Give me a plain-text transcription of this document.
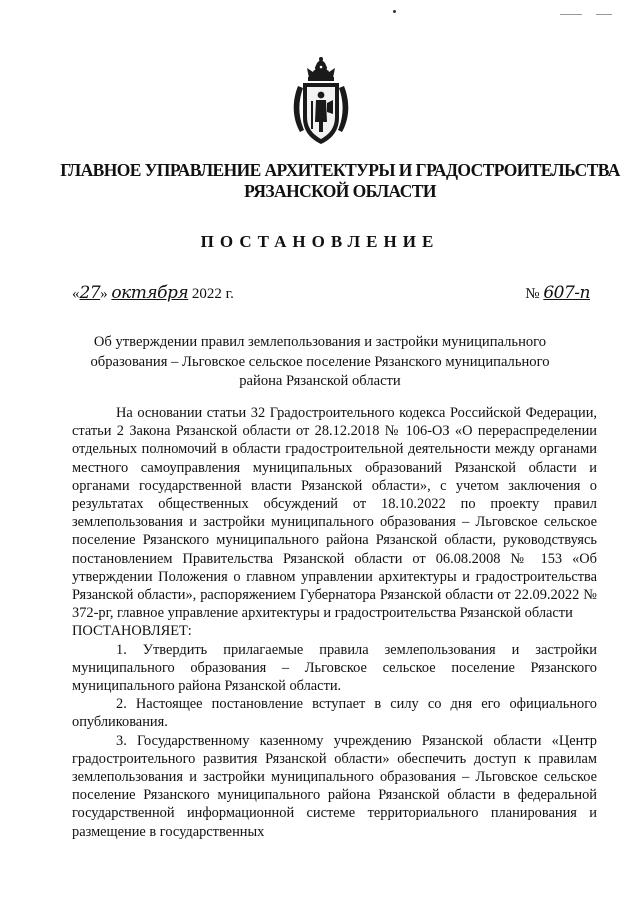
ГЛАВНОЕ УПРАВЛЕНИЕ АРХИТЕКТУРЫ И ГРАДОСТРОИТЕЛЬСТВА
РЯЗАНСКОЙ ОБЛАСТИ
ПОСТАНОВЛЕНИЕ
«27» октября 2022 г.	№ 607-п
Об утверждении правил землепользования и застройки муниципального образования – Льговское сельское поселение Рязанского муниципального района Рязанской области

На основании статьи 32 Градостроительного кодекса Российской Федерации, статьи 2 Закона Рязанской области от 28.12.2018 № 106-ОЗ «О перераспределении отдельных полномочий в области градостроительной деятельности между органами местного самоуправления муниципальных образований Рязанской области и органами государственной власти Рязанской области», с учетом заключения о результатах общественных обсуждений от 18.10.2022 по проекту правил землепользования и застройки муниципального образования – Льговское сельское поселение Рязанского муниципального района Рязанской области, руководствуясь постановлением Правительства Рязанской области от 06.08.2008 № 153 «Об утверждении Положения о главном управлении архитектуры и градостроительства Рязанской области», распоряжением Губернатора Рязанской области от 22.09.2022 № 372-рг, главное управление архитектуры и градостроительства Рязанской области

ПОСТАНОВЛЯЕТ:

1. Утвердить прилагаемые правила землепользования и застройки муниципального образования – Льговское сельское поселение Рязанского муниципального района Рязанской области.

2. Настоящее постановление вступает в силу со дня его официального опубликования.

3. Государственному казенному учреждению Рязанской области «Центр градостроительного развития Рязанской области» обеспечить доступ к правилам землепользования и застройки муниципального образования – Льговское сельское поселение Рязанского муниципального района Рязанской области в федеральной государственной информационной системе территориального планирования и размещение в государственных
